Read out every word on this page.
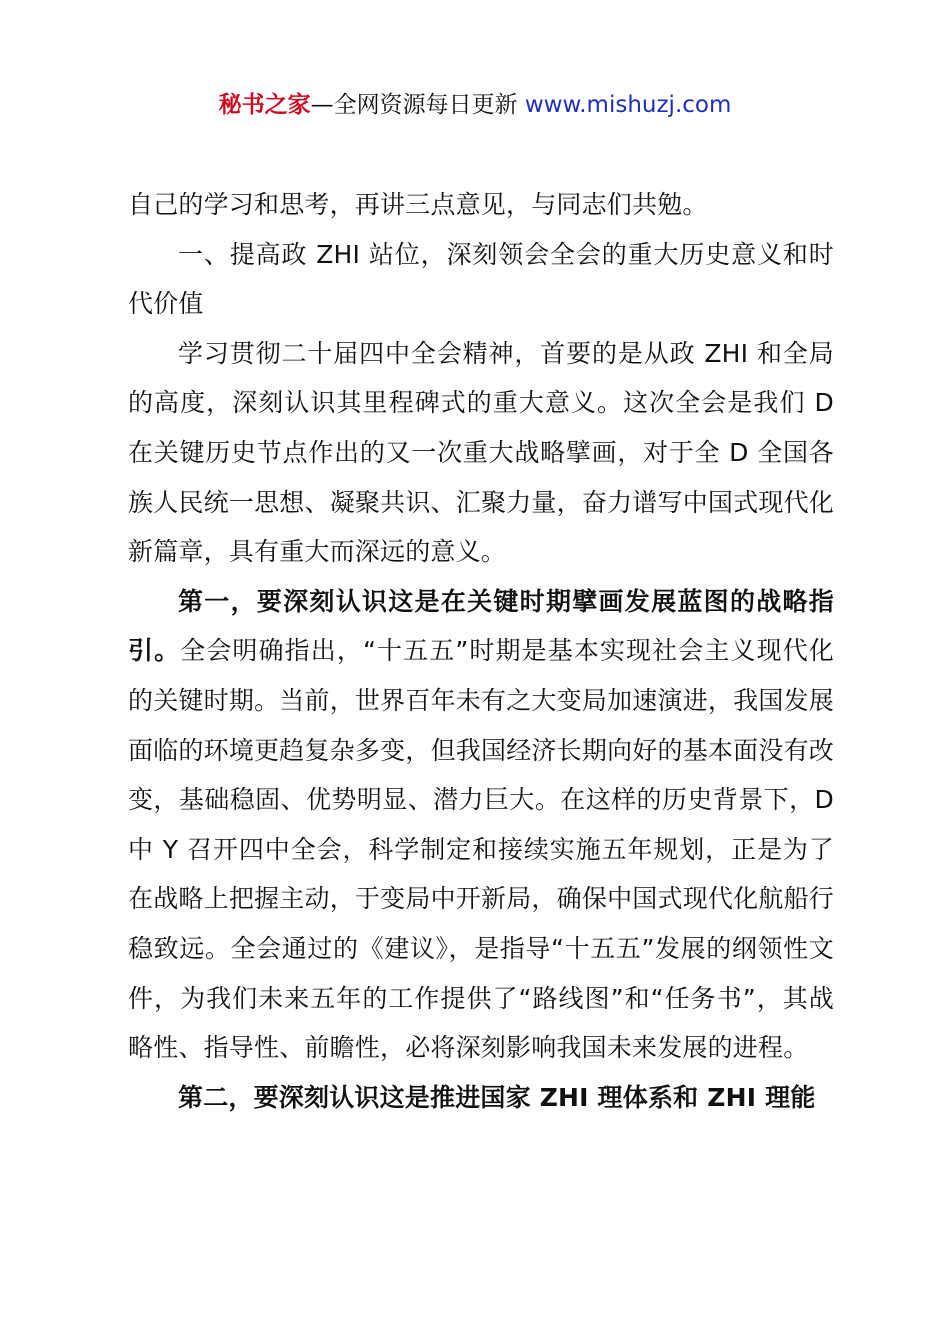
秘书之家—全网资源每日更新 www.mishuzj.com

自己的学习和思考，再讲三点意见，与同志们共勉。

一、提高政 ZHI 站位，深刻领会全会的重大历史意义和时代价值

学习贯彻二十届四中全会精神，首要的是从政 ZHI 和全局的高度，深刻认识其里程碑式的重大意义。这次全会是我们 D 在关键历史节点作出的又一次重大战略擘画，对于全 D 全国各族人民统一思想、凝聚共识、汇聚力量，奋力谱写中国式现代化新篇章，具有重大而深远的意义。

第一，要深刻认识这是在关键时期擘画发展蓝图的战略指引。全会明确指出，“十五五”时期是基本实现社会主义现代化的关键时期。当前，世界百年未有之大变局加速演进，我国发展面临的环境更趋复杂多变，但我国经济长期向好的基本面没有改变，基础稳固、优势明显、潜力巨大。在这样的历史背景下，D 中 Y 召开四中全会，科学制定和接续实施五年规划，正是为了在战略上把握主动，于变局中开新局，确保中国式现代化航船行稳致远。全会通过的《建议》，是指导“十五五”发展的纲领性文件，为我们未来五年的工作提供了“路线图”和“任务书”，其战略性、指导性、前瞻性，必将深刻影响我国未来发展的进程。

第二，要深刻认识这是推进国家 ZHI 理体系和 ZHI 理能
